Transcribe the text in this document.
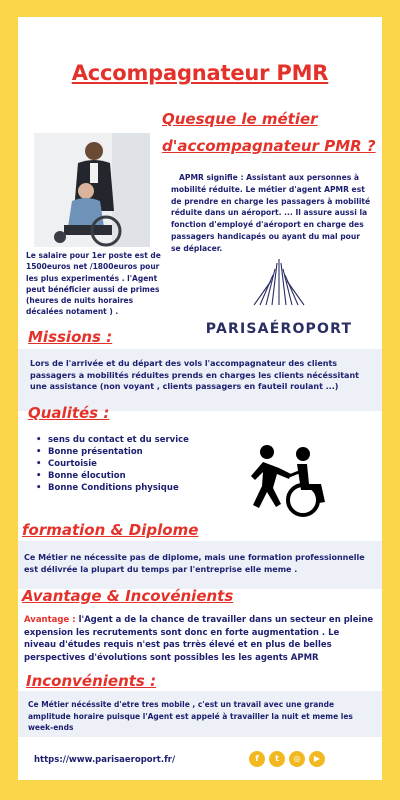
Accompagnateur PMR
Quesque le métier
d'accompagnateur PMR ?
APMR signifie : Assistant aux personnes à mobilité réduite. Le métier d'agent APMR est de prendre en charge les passagers à mobilité réduite dans un aéroport. ... Il assure aussi la fonction d'employé d'aéroport en charge des passagers handicapés ou ayant du mal pour se déplacer.
Le salaire pour 1er poste est de 1500euros net /1800euros pour les plus experimentés . l'Agent peut bénéficier aussi de primes (heures de nuits horaires décalées notament ) .
PARISAÉROPORT
Missions :
Lors de l'arrivée et du départ des vols l'accompagnateur des clients passagers a mobilités réduites prends en charges les clients nécéssitant une assistance (non voyant , clients passagers en fauteil roulant ...)
Qualités :
• sens du contact et du service
• Bonne présentation
• Courtoisie
• Bonne élocution
• Bonne Conditions physique
formation & Diplome
Ce Métier ne nécessite pas de diplome, mais une formation professionnelle est délivrée la plupart du temps par l'entreprise elle meme .
Avantage & Incovénients
Avantage : l'Agent a de la chance de travailler dans un secteur en pleine expension les recrutements sont donc en forte augmentation . Le niveau d'études requis n'est pas trrès élevé et en plus de belles perspectives d'évolutions sont possibles les les agents APMR
Inconvénients :
Ce Métier nécéssite d'etre tres mobile , c'est un travail avec une grande amplitude horaire puisque l'Agent est appelé à travailler la nuit et meme les week-ends
https://www.parisaeroport.fr/	f	t	◎	▶
